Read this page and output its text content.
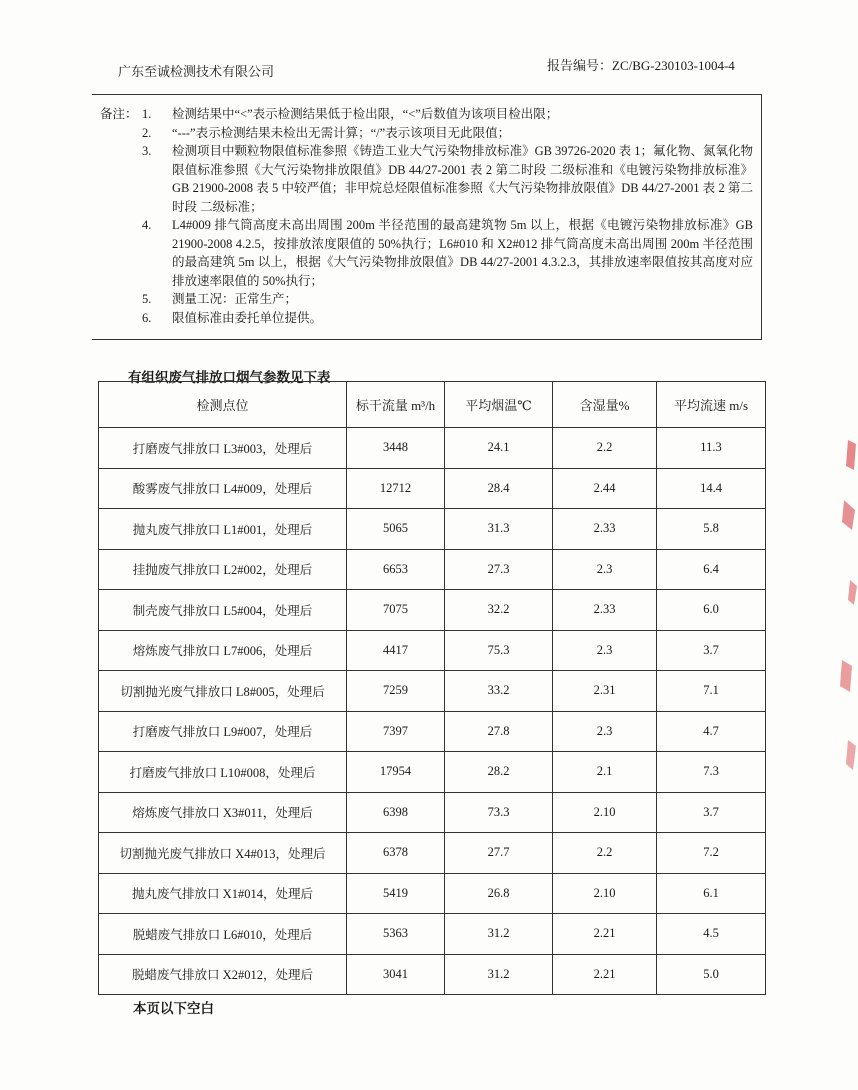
广东至诚检测技术有限公司	报告编号：ZC/BG-230103-1004-4
备注： 1.	检测结果中“<”表示检测结果低于检出限，“<”后数值为该项目检出限；
2.	“---”表示检测结果未检出无需计算；“/”表示该项目无此限值；
3.	检测项目中颗粒物限值标准参照《铸造工业大气污染物排放标准》GB 39726-2020 表 1；氟化物、氮氧化物限值标准参照《大气污染物排放限值》DB 44/27-2001 表 2 第二时段 二级标准和《电镀污染物排放标准》GB 21900-2008 表 5 中较严值；非甲烷总烃限值标准参照《大气污染物排放限值》DB 44/27-2001 表 2 第二时段 二级标准；
4.	L4#009 排气筒高度未高出周围 200m 半径范围的最高建筑物 5m 以上，根据《电镀污染物排放标准》GB 21900-2008 4.2.5，按排放浓度限值的 50%执行；L6#010 和 X2#012 排气筒高度未高出周围 200m 半径范围的最高建筑 5m 以上，根据《大气污染物排放限值》DB 44/27-2001 4.3.2.3，其排放速率限值按其高度对应排放速率限值的 50%执行；
5.	测量工况：正常生产；
6.	限值标准由委托单位提供。
有组织废气排放口烟气参数见下表
检测点位	标干流量 m³/h	平均烟温℃	含湿量%	平均流速 m/s
打磨废气排放口 L3#003，处理后	3448	24.1	2.2	11.3
酸雾废气排放口 L4#009，处理后	12712	28.4	2.44	14.4
抛丸废气排放口 L1#001，处理后	5065	31.3	2.33	5.8
挂抛废气排放口 L2#002，处理后	6653	27.3	2.3	6.4
制壳废气排放口 L5#004，处理后	7075	32.2	2.33	6.0
熔炼废气排放口 L7#006，处理后	4417	75.3	2.3	3.7
切割抛光废气排放口 L8#005，处理后	7259	33.2	2.31	7.1
打磨废气排放口 L9#007，处理后	7397	27.8	2.3	4.7
打磨废气排放口 L10#008，处理后	17954	28.2	2.1	7.3
熔炼废气排放口 X3#011，处理后	6398	73.3	2.10	3.7
切割抛光废气排放口 X4#013，处理后	6378	27.7	2.2	7.2
抛丸废气排放口 X1#014，处理后	5419	26.8	2.10	6.1
脱蜡废气排放口 L6#010，处理后	5363	31.2	2.21	4.5
脱蜡废气排放口 X2#012，处理后	3041	31.2	2.21	5.0
本页以下空白
